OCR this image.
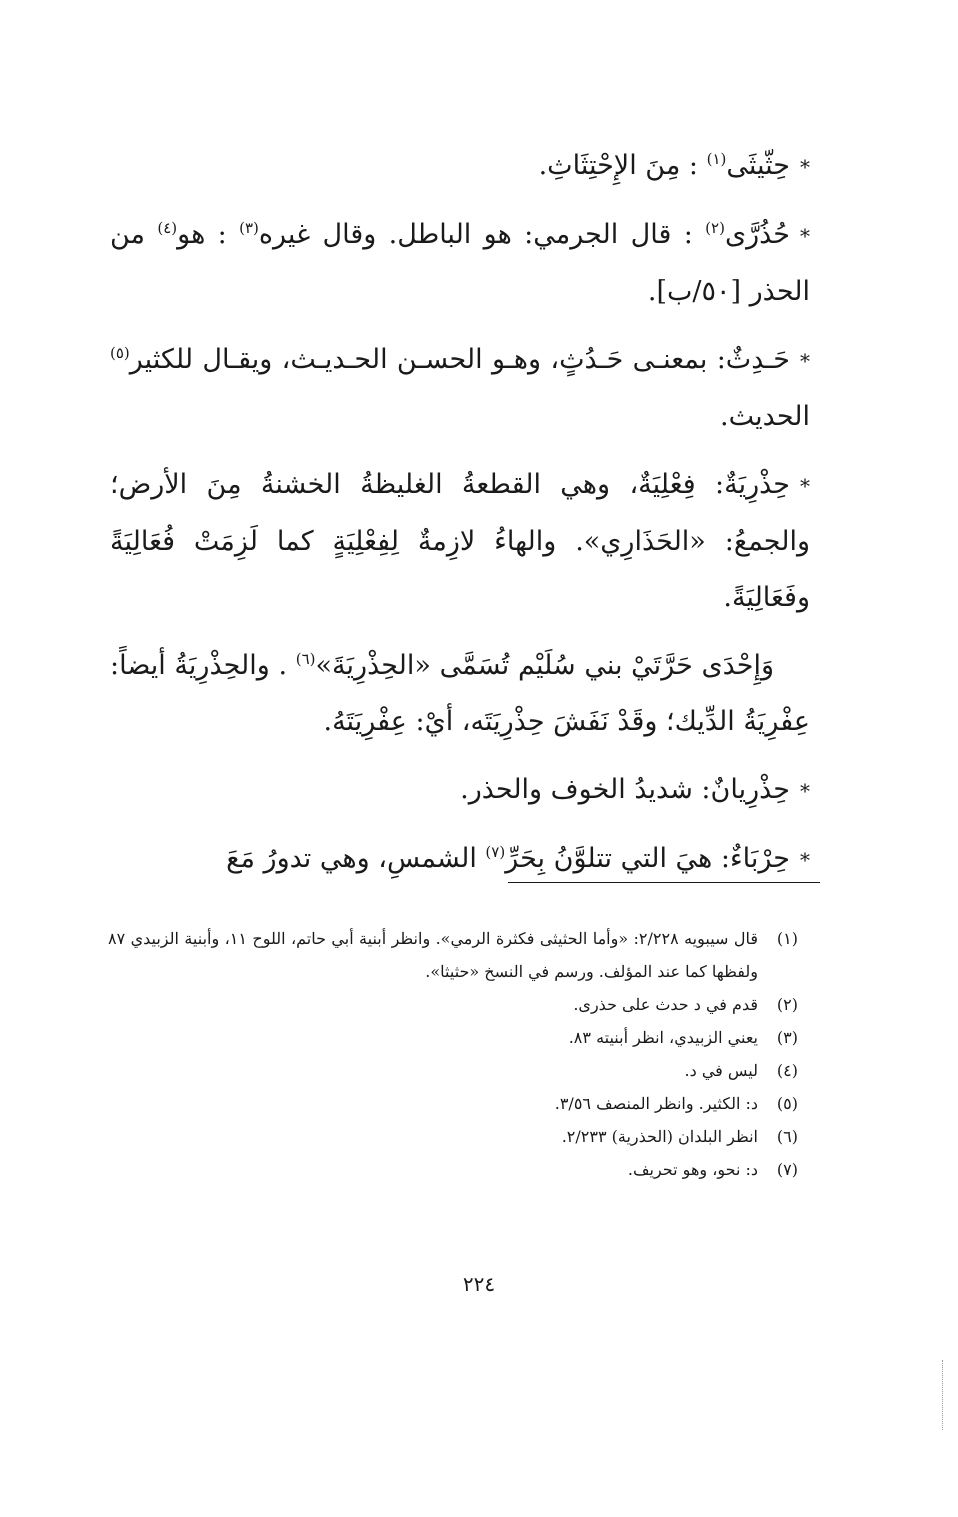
*حِثّيثَى$^{(١)}$ : مِنَ الإِحْتِثَاثِ.

*حُذُرَّى$^{(٢)}$ : قال الجرمي: هو الباطل. وقال غيره$^{(٣)}$ : هو$^{(٤)}$ من الحذر [٥٠/ب].

*حَـدِثٌ: بمعنـى حَـدُثٍ، وهـو الحسـن الحـديـث، ويقـال للكثير$^{(٥)}$ الحديث.

*حِذْرِيَةٌ: فِعْلِيَةٌ، وهي القطعةُ الغليظةُ الخشنةُ مِنَ الأرض؛ والجمعُ: «الحَذَارِي». والهاءُ لازِمةٌ لِفِعْلِيَةٍ كما لَزِمَتْ فُعَالِيَةً وفَعَالِيَةً.

وَإِحْدَى حَرَّتَيْ بني سُلَيْم تُسَمَّى «الحِذْرِيَةَ»$^{(٦)}$ . والحِذْرِيَةُ أيضاً: عِفْرِيَةُ الدِّيك؛ وقَدْ نَفَشَ حِذْرِيَتَه، أيْ: عِفْرِيَتَهُ.

*حِذْرِيانٌ: شديدُ الخوف والحذر.

*حِرْبَاءٌ: هيَ التي تتلوَّنُ بِحَرِّ$^{(٧)}$ الشمسِ، وهي تدورُ مَعَ

(١)
قال سيبويه ٢/٢٢٨: «وأما الحثيثى فكثرة الرمي». وانظر أبنية أبي حاتم، اللوح ١١، وأبنية الزبيدي ٨٧ ولفظها كما عند المؤلف. ورسم في النسخ «حثيثا».
(٢)
قدم في د حدث على حذرى.
(٣)
يعني الزبيدي، انظر أبنيته ٨٣.
(٤)
ليس في د.
(٥)
د: الكثير. وانظر المنصف ٣/٥٦.
(٦)
انظر البلدان (الحذرية) ٢/٢٣٣.
(٧)
د: نحو، وهو تحريف.
٢٢٤
